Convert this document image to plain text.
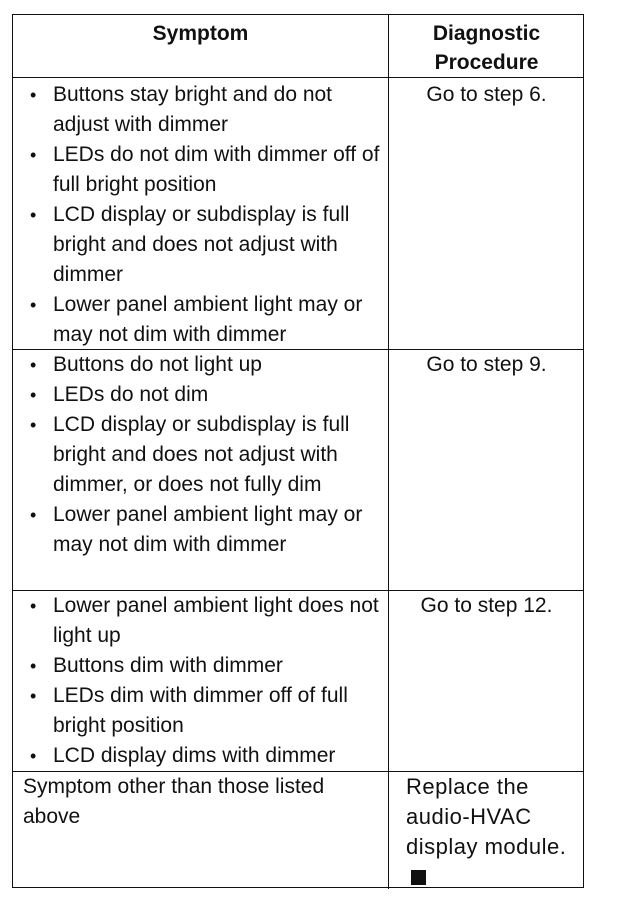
Symptom	Diagnostic
Procedure
• Buttons stay bright and do not adjust with dimmer
• LEDs do not dim with dimmer off of full bright position
• LCD display or subdisplay is full bright and does not adjust with dimmer
• Lower panel ambient light may or may not dim with dimmer
Go to step 6.
• Buttons do not light up
• LEDs do not dim
• LCD display or subdisplay is full bright and does not adjust with dimmer, or does not fully dim
• Lower panel ambient light may or may not dim with dimmer
Go to step 9.
• Lower panel ambient light does not light up
• Buttons dim with dimmer
• LEDs dim with dimmer off of full bright position
• LCD display dims with dimmer
Go to step 12.
Symptom other than those listed above
Replace the audio-HVAC display module.
